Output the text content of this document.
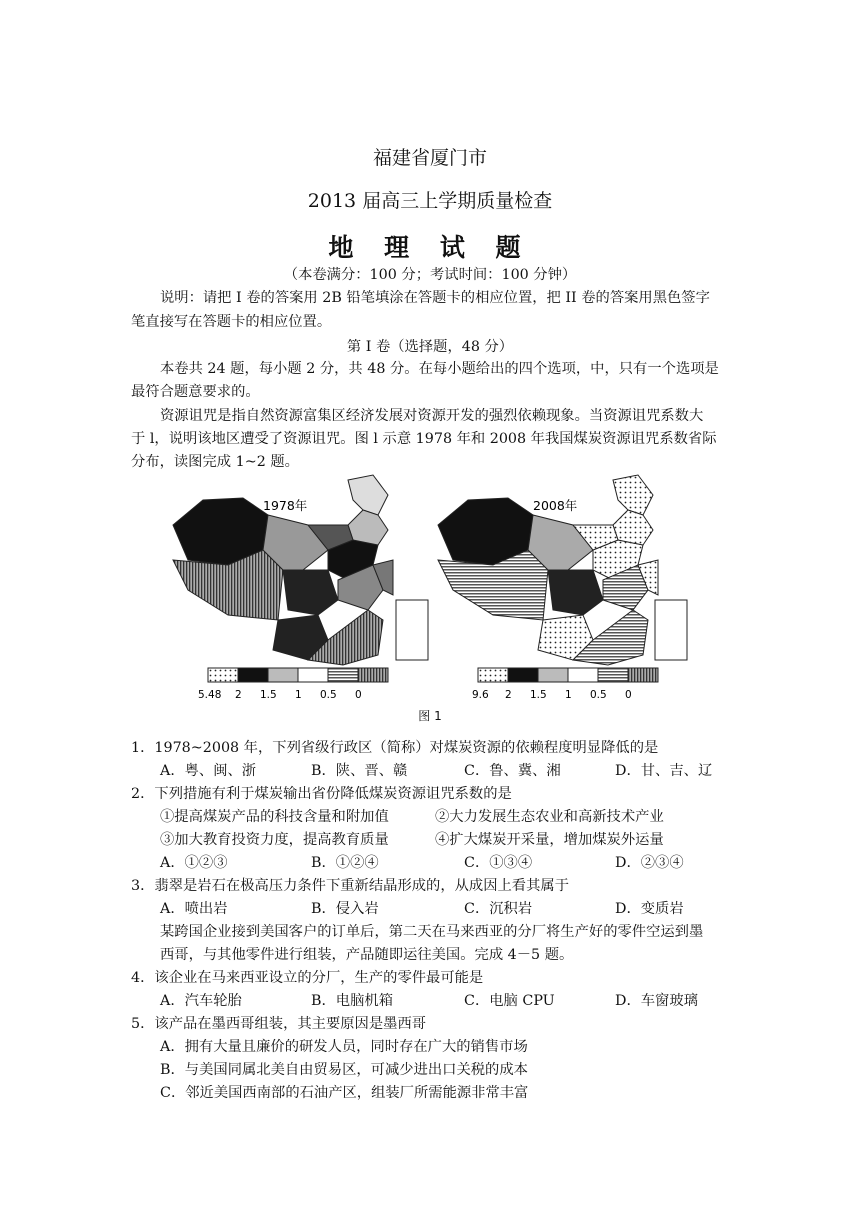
福建省厦门市
2013 届高三上学期质量检查
地 理 试 题
（本卷满分：100 分；考试时间：100 分钟）
说明：请把 I 卷的答案用 2B 铅笔填涂在答题卡的相应位置，把 II 卷的答案用黑色签字
笔直接写在答题卡的相应位置。
第 I 卷（选择题，48 分）
本卷共 24 题，每小题 2 分，共 48 分。在每小题给出的四个选项，中，只有一个选项是
最符合题意要求的。
资源诅咒是指自然资源富集区经济发展对资源开发的强烈依赖现象。当资源诅咒系数大
于 l，说明该地区遭受了资源诅咒。图 l 示意 1978 年和 2008 年我国煤炭资源诅咒系数省际
分布，读图完成 1~2 题。
1978年	2008年
5.48 2 1.5 1 0.5 0	9.6 2 1.5 1 0.5 0
图 1
1．1978~2008 年，下列省级行政区（简称）对煤炭资源的依赖程度明显降低的是
A．粤、闽、浙	B．陕、晋、赣	C．鲁、冀、湘	D．甘、吉、辽
2．下列措施有利于煤炭输出省份降低煤炭资源诅咒系数的是
①提高煤炭产品的科技含量和附加值	②大力发展生态农业和高新技术产业
③加大教育投资力度，提高教育质量	④扩大煤炭开采量，增加煤炭外运量
A．①②③	B．①②④	C．①③④	D．②③④
3．翡翠是岩石在极高压力条件下重新结晶形成的，从成因上看其属于
A．喷出岩	B．侵入岩	C．沉积岩	D．变质岩
某跨国企业接到美国客户的订单后，第二天在马来西亚的分厂将生产好的零件空运到墨
西哥，与其他零件进行组装，产品随即运往美国。完成 4－5 题。
4．该企业在马来西亚设立的分厂，生产的零件最可能是
A．汽车轮胎	B．电脑机箱	C．电脑 CPU	D．车窗玻璃
5．该产品在墨西哥组装，其主要原因是墨西哥
A．拥有大量且廉价的研发人员，同时存在广大的销售市场
B．与美国同属北美自由贸易区，可减少进出口关税的成本
C．邻近美国西南部的石油产区，组装厂所需能源非常丰富
